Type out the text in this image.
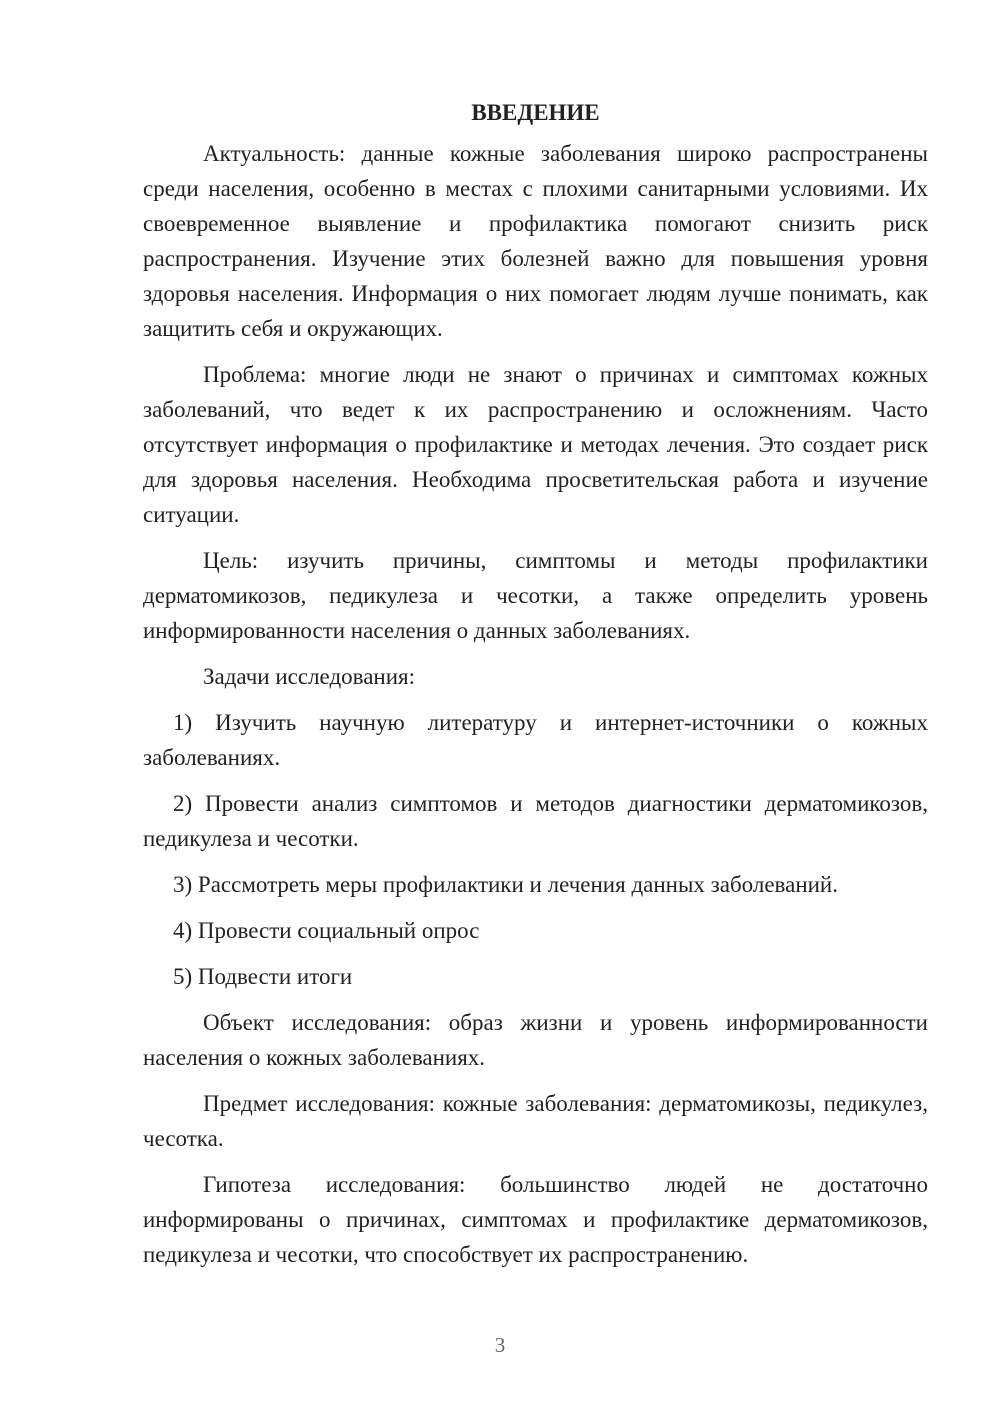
ВВЕДЕНИЕ

Актуальность: данные кожные заболевания широко распространены среди населения, особенно в местах с плохими санитарными условиями. Их своевременное выявление и профилактика помогают снизить риск распространения. Изучение этих болезней важно для повышения уровня здоровья населения. Информация о них помогает людям лучше понимать, как защитить себя и окружающих.

Проблема: многие люди не знают о причинах и симптомах кожных заболеваний, что ведет к их распространению и осложнениям. Часто отсутствует информация о профилактике и методах лечения. Это создает риск для здоровья населения. Необходима просветительская работа и изучение ситуации.

Цель: изучить причины, симптомы и методы профилактики дерматомикозов, педикулеза и чесотки, а также определить уровень информированности населения о данных заболеваниях.

Задачи исследования:

1) Изучить научную литературу и интернет-источники о кожных заболеваниях.

2) Провести анализ симптомов и методов диагностики дерматомикозов, педикулеза и чесотки.

3) Рассмотреть меры профилактики и лечения данных заболеваний.

4) Провести социальный опрос

5) Подвести итоги

Объект исследования: образ жизни и уровень информированности населения о кожных заболеваниях.

Предмет исследования: кожные заболевания: дерматомикозы, педикулез, чесотка.

Гипотеза исследования: большинство людей не достаточно информированы о причинах, симптомах и профилактике дерматомикозов, педикулеза и чесотки, что способствует их распространению.

3
